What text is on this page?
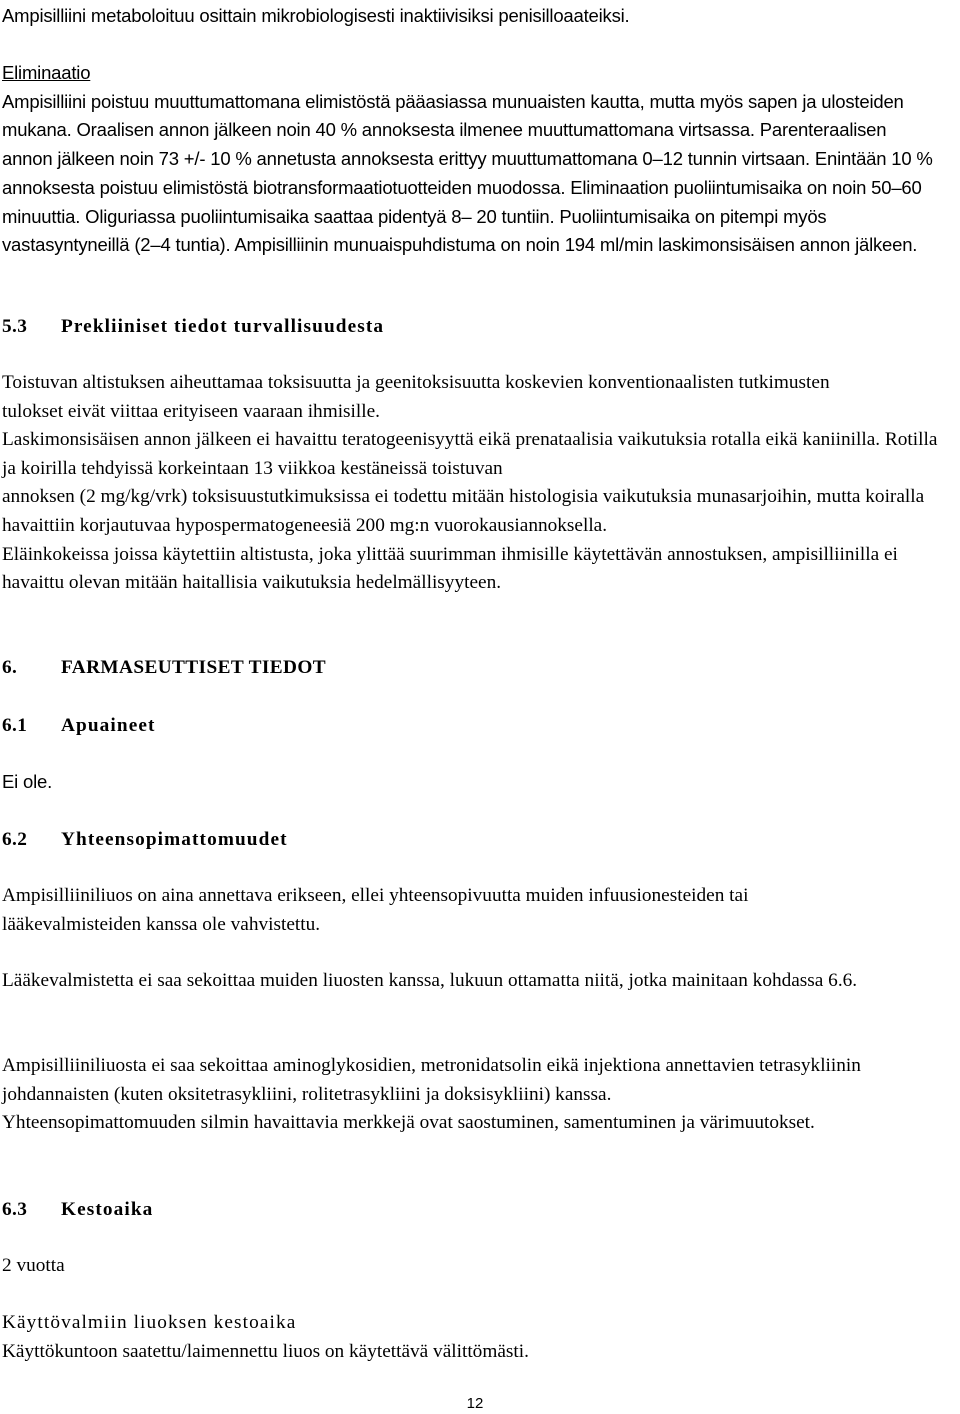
Ampisilliini metaboloituu osittain mikrobiologisesti inaktiivisiksi penisilloaateiksi.

Eliminaatio

Ampisilliini poistuu muuttumattomana elimistöstä pääasiassa munuaisten kautta, mutta myös sapen ja ulosteiden mukana. Oraalisen annon jälkeen noin 40 % annoksesta ilmenee muuttumattomana virtsassa. Parenteraalisen annon jälkeen noin 73 +/- 10 % annetusta annoksesta erittyy muuttumattomana 0‒12 tunnin virtsaan. Enintään 10 % annoksesta poistuu elimistöstä biotransformaatiotuotteiden muodossa. Eliminaation puoliintumisaika on noin 50‒60 minuuttia. Oliguriassa puoliintumisaika saattaa pidentyä 8‒ 20 tuntiin. Puoliintumisaika on pitempi myös vastasyntyneillä (2‒4 tuntia). Ampisilliinin munuaispuhdistuma on noin 194 ml/min laskimonsisäisen annon jälkeen.

5.3	Prekliiniset tiedot turvallisuudesta

Toistuvan altistuksen aiheuttamaa toksisuutta ja geenitoksisuutta koskevien konventionaalisten tutkimusten tulokset eivät viittaa erityiseen vaaraan ihmisille.

Laskimonsisäisen annon jälkeen ei havaittu teratogeenisyyttä eikä prenataalisia vaikutuksia rotalla eikä kaniinilla. Rotilla ja koirilla tehdyissä korkeintaan 13 viikkoa kestäneissä toistuvan

annoksen (2 mg/kg/vrk) toksisuustutkimuksissa ei todettu mitään histologisia vaikutuksia munasarjoihin, mutta koiralla havaittiin korjautuvaa hypospermatogeneesiä 200 mg:n vuorokausiannoksella.

Eläinkokeissa joissa käytettiin altistusta, joka ylittää suurimman ihmisille käytettävän annostuksen, ampisilliinilla ei havaittu olevan mitään haitallisia vaikutuksia hedelmällisyyteen.

6.	FARMASEUTTISET TIEDOT
6.1	Apuaineet

Ei ole.

6.2	Yhteensopimattomuudet

Ampisilliiniliuos on aina annettava erikseen, ellei yhteensopivuutta muiden infuusionesteiden tai lääkevalmisteiden kanssa ole vahvistettu.

Lääkevalmistetta ei saa sekoittaa muiden liuosten kanssa, lukuun ottamatta niitä, jotka mainitaan kohdassa 6.6.

Ampisilliiniliuosta ei saa sekoittaa aminoglykosidien, metronidatsolin eikä injektiona annettavien tetrasykliinin johdannaisten (kuten oksitetrasykliini, rolitetrasykliini ja doksisykliini) kanssa.

Yhteensopimattomuuden silmin havaittavia merkkejä ovat saostuminen, samentuminen ja värimuutokset.

6.3	Kestoaika

2 vuotta

Käyttövalmiin liuoksen kestoaika

Käyttökuntoon saatettu/laimennettu liuos on käytettävä välittömästi.

12
